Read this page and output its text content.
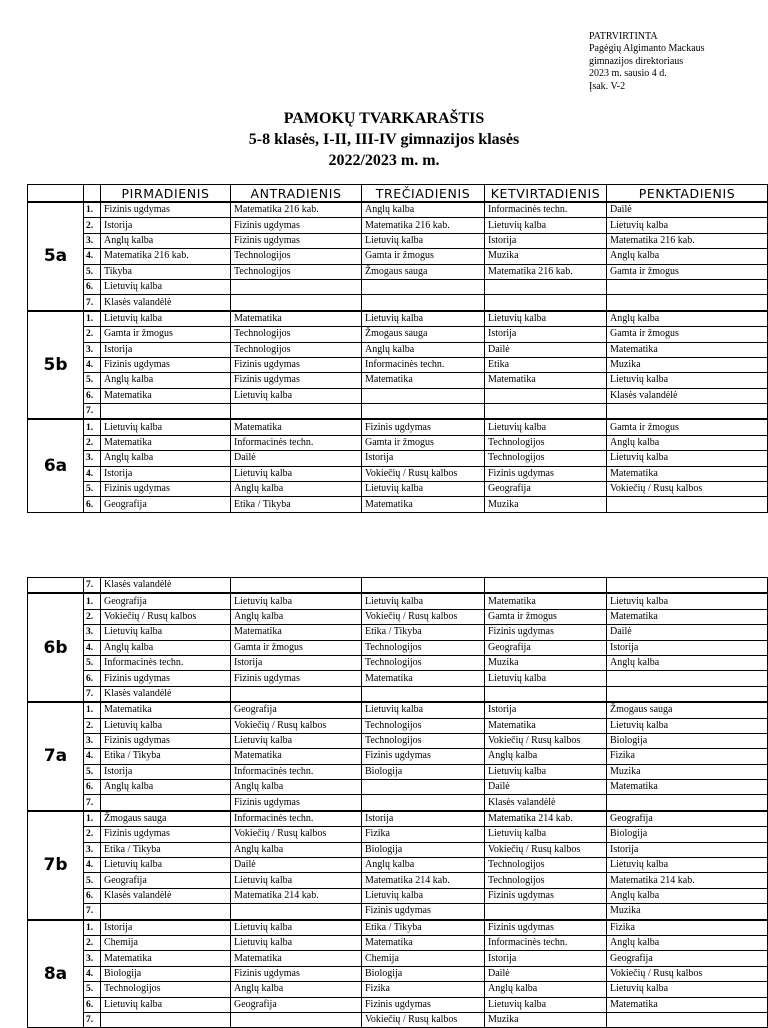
PATRVIRTINTA
Pagėgių Algimanto Mackaus
gimnazijos direktoriaus
2023 m. sausio 4 d.
Įsak. V-2
PAMOKŲ TVARKARAŠTIS
5-8 klasės, I-II, III-IV gimnazijos klasės
2022/2023 m. m.
		PIRMADIENIS	ANTRADIENIS	TREČIADIENIS	KETVIRTADIENIS	PENKTADIENIS
5a	1.	Fizinis ugdymas	Matematika 216 kab.	Anglų kalba	Informacinės techn.	Dailė
	2.	Istorija	Fizinis ugdymas	Matematika 216 kab.	Lietuvių kalba	Lietuvių kalba
	3.	Anglų kalba	Fizinis ugdymas	Lietuvių kalba	Istorija	Matematika 216 kab.
	4.	Matematika 216 kab.	Technologijos	Gamta ir žmogus	Muzika	Anglų kalba
	5.	Tikyba	Technologijos	Žmogaus sauga	Matematika 216 kab.	Gamta ir žmogus
	6.	Lietuvių kalba				
	7.	Klasės valandėlė				
5b	1.	Lietuvių kalba	Matematika	Lietuvių kalba	Lietuvių kalba	Anglų kalba
	2.	Gamta ir žmogus	Technologijos	Žmogaus sauga	Istorija	Gamta ir žmogus
	3.	Istorija	Technologijos	Anglų kalba	Dailė	Matematika
	4.	Fizinis ugdymas	Fizinis ugdymas	Informacinės techn.	Etika	Muzika
	5.	Anglų kalba	Fizinis ugdymas	Matematika	Matematika	Lietuvių kalba
	6.	Matematika	Lietuvių kalba			Klasės valandėlė
	7.					
6a	1.	Lietuvių kalba	Matematika	Fizinis ugdymas	Lietuvių kalba	Gamta ir žmogus
	2.	Matematika	Informacinės techn.	Gamta ir žmogus	Technologijos	Anglų kalba
	3.	Anglų kalba	Dailė	Istorija	Technologijos	Lietuvių kalba
	4.	Istorija	Lietuvių kalba	Vokiečių / Rusų kalbos	Fizinis ugdymas	Matematika
	5.	Fizinis ugdymas	Anglų kalba	Lietuvių kalba	Geografija	Vokiečių / Rusų kalbos
	6.	Geografija	Etika / Tikyba	Matematika	Muzika	
	7.	Klasės valandėlė				
6b	1.	Geografija	Lietuvių kalba	Lietuvių kalba	Matematika	Lietuvių kalba
	2.	Vokiečių / Rusų kalbos	Anglų kalba	Vokiečių / Rusų kalbos	Gamta ir žmogus	Matematika
	3.	Lietuvių kalba	Matematika	Etika / Tikyba	Fizinis ugdymas	Dailė
	4.	Anglų kalba	Gamta ir žmogus	Technologijos	Geografija	Istorija
	5.	Informacinės techn.	Istorija	Technologijos	Muzika	Anglų kalba
	6.	Fizinis ugdymas	Fizinis ugdymas	Matematika	Lietuvių kalba	
	7.	Klasės valandėlė				
7a	1.	Matematika	Geografija	Lietuvių kalba	Istorija	Žmogaus sauga
	2.	Lietuvių kalba	Vokiečių / Rusų kalbos	Technologijos	Matematika	Lietuvių kalba
	3.	Fizinis ugdymas	Lietuvių kalba	Technologijos	Vokiečių / Rusų kalbos	Biologija
	4.	Etika / Tikyba	Matematika	Fizinis ugdymas	Anglų kalba	Fizika
	5.	Istorija	Informacinės techn.	Biologija	Lietuvių kalba	Muzika
	6.	Anglų kalba	Anglų kalba		Dailė	Matematika
	7.		Fizinis ugdymas		Klasės valandėlė	
7b	1.	Žmogaus sauga	Informacinės techn.	Istorija	Matematika 214 kab.	Geografija
	2.	Fizinis ugdymas	Vokiečių / Rusų kalbos	Fizika	Lietuvių kalba	Biologija
	3.	Etika / Tikyba	Anglų kalba	Biologija	Vokiečių / Rusų kalbos	Istorija
	4.	Lietuvių kalba	Dailė	Anglų kalba	Technologijos	Lietuvių kalba
	5.	Geografija	Lietuvių kalba	Matematika 214 kab.	Technologijos	Matematika 214 kab.
	6.	Klasės valandėlė	Matematika 214 kab.	Lietuvių kalba	Fizinis ugdymas	Anglų kalba
	7.			Fizinis ugdymas		Muzika
8a	1.	Istorija	Lietuvių kalba	Etika / Tikyba	Fizinis ugdymas	Fizika
	2.	Chemija	Lietuvių kalba	Matematika	Informacinės techn.	Anglų kalba
	3.	Matematika	Matematika	Chemija	Istorija	Geografija
	4.	Biologija	Fizinis ugdymas	Biologija	Dailė	Vokiečių / Rusų kalbos
	5.	Technologijos	Anglų kalba	Fizika	Anglų kalba	Lietuvių kalba
	6.	Lietuvių kalba	Geografija	Fizinis ugdymas	Lietuvių kalba	Matematika
	7.			Vokiečių / Rusų kalbos	Muzika	
